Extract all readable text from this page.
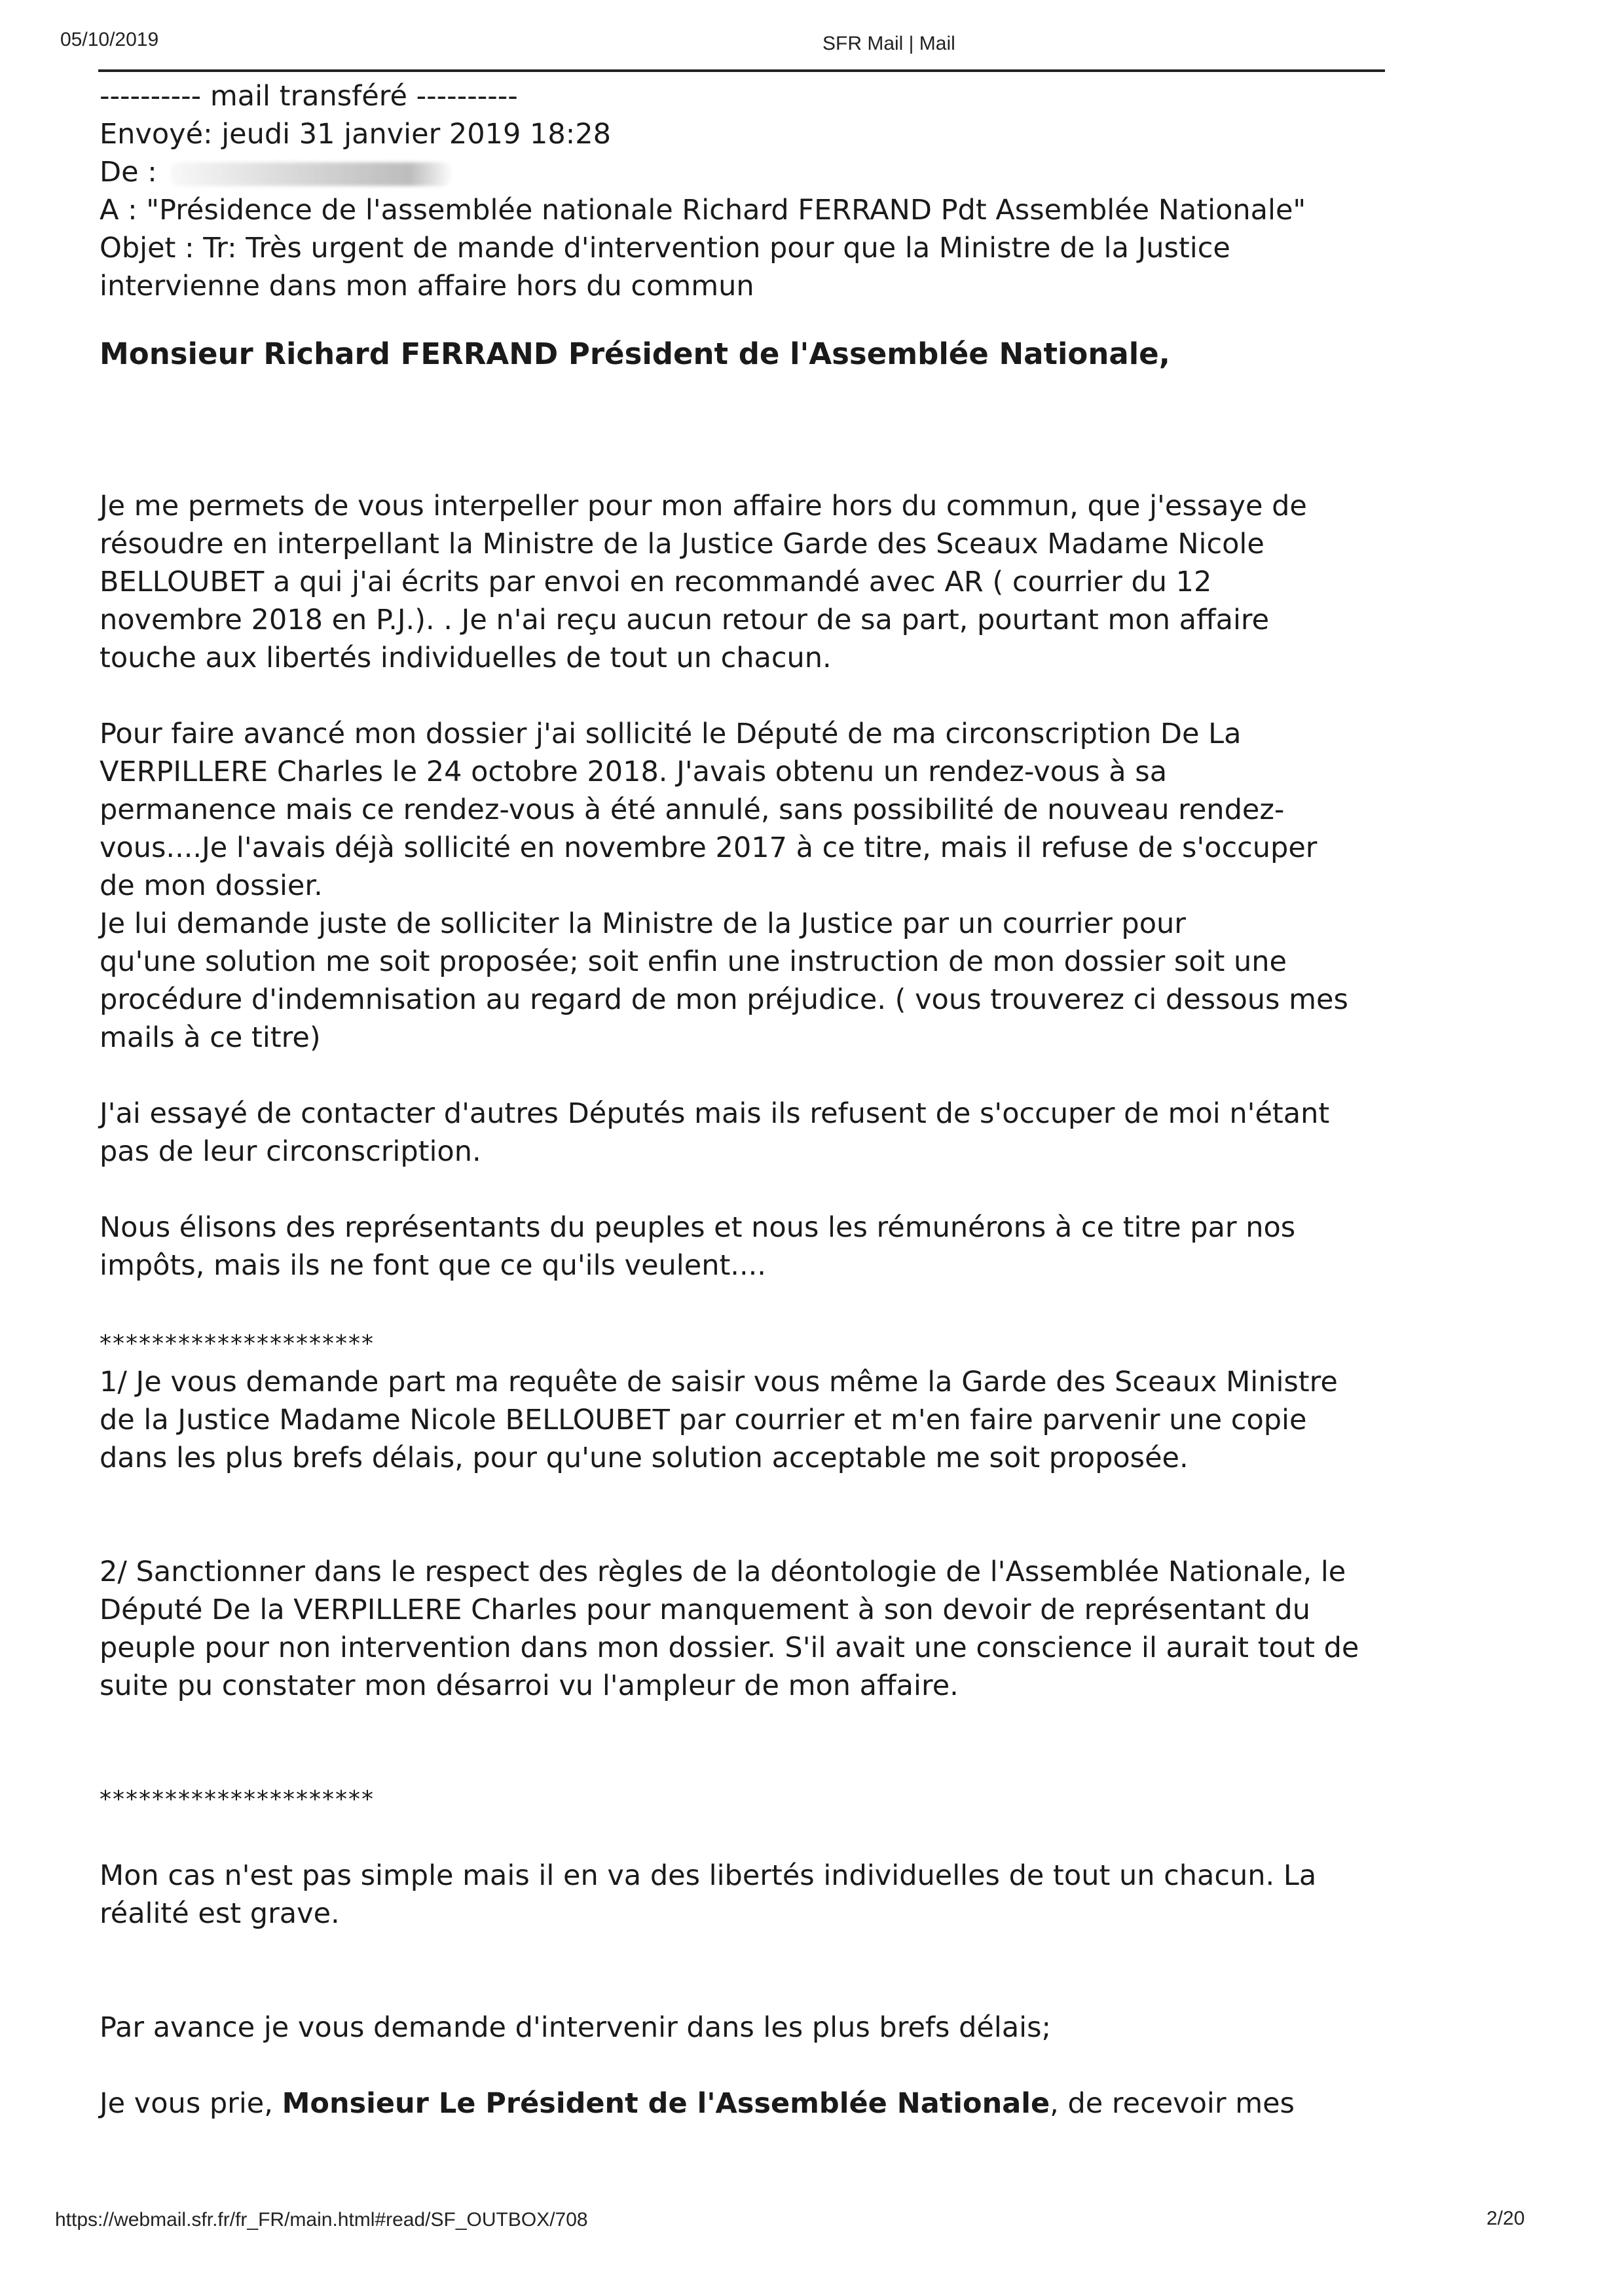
05/10/2019	SFR Mail | Mail

---------- mail transféré ----------

Envoyé: jeudi 31 janvier 2019 18:28

De :

A : "Présidence de l'assemblée nationale Richard FERRAND Pdt Assemblée Nationale"

Objet : Tr: Très urgent de mande d'intervention pour que la Ministre de la Justice

intervienne dans mon affaire hors du commun

Monsieur Richard FERRAND Président de l'Assemblée Nationale,

Je me permets de vous interpeller pour mon affaire hors du commun, que j'essaye de
résoudre en interpellant la Ministre de la Justice Garde des Sceaux Madame Nicole
BELLOUBET a qui j'ai écrits par envoi en recommandé avec AR ( courrier du 12
novembre 2018 en P.J.). . Je n'ai reçu aucun retour de sa part, pourtant mon affaire
touche aux libertés individuelles de tout un chacun.
Pour faire avancé mon dossier j'ai sollicité le Député de ma circonscription De La
VERPILLERE Charles le 24 octobre 2018. J'avais obtenu un rendez-vous à sa
permanence mais ce rendez-vous à été annulé, sans possibilité de nouveau rendez-
vous....Je l'avais déjà sollicité en novembre 2017 à ce titre, mais il refuse de s'occuper
de mon dossier.
Je lui demande juste de solliciter la Ministre de la Justice par un courrier pour
qu'une solution me soit proposée; soit enfin une instruction de mon dossier soit une
procédure d'indemnisation au regard de mon préjudice. ( vous trouverez ci dessous mes
mails à ce titre)
J'ai essayé de contacter d'autres Députés mais ils refusent de s'occuper de moi n'étant
pas de leur circonscription.
Nous élisons des représentants du peuples et nous les rémunérons à ce titre par nos
impôts, mais ils ne font que ce qu'ils veulent....

*********************

1/ Je vous demande part ma requête de saisir vous même la Garde des Sceaux Ministre
de la Justice Madame Nicole BELLOUBET par courrier et m'en faire parvenir une copie
dans les plus brefs délais, pour qu'une solution acceptable me soit proposée.
2/ Sanctionner dans le respect des règles de la déontologie de l'Assemblée Nationale, le
Député De la VERPILLERE Charles pour manquement à son devoir de représentant du
peuple pour non intervention dans mon dossier. S'il avait une conscience il aurait tout de
suite pu constater mon désarroi vu l'ampleur de mon affaire.

*********************

Mon cas n'est pas simple mais il en va des libertés individuelles de tout un chacun. La
réalité est grave.

Par avance je vous demande d'intervenir dans les plus brefs délais;

Je vous prie, Monsieur Le Président de l'Assemblée Nationale, de recevoir mes

https://webmail.sfr.fr/fr_FR/main.html#read/SF_OUTBOX/708	2/20
